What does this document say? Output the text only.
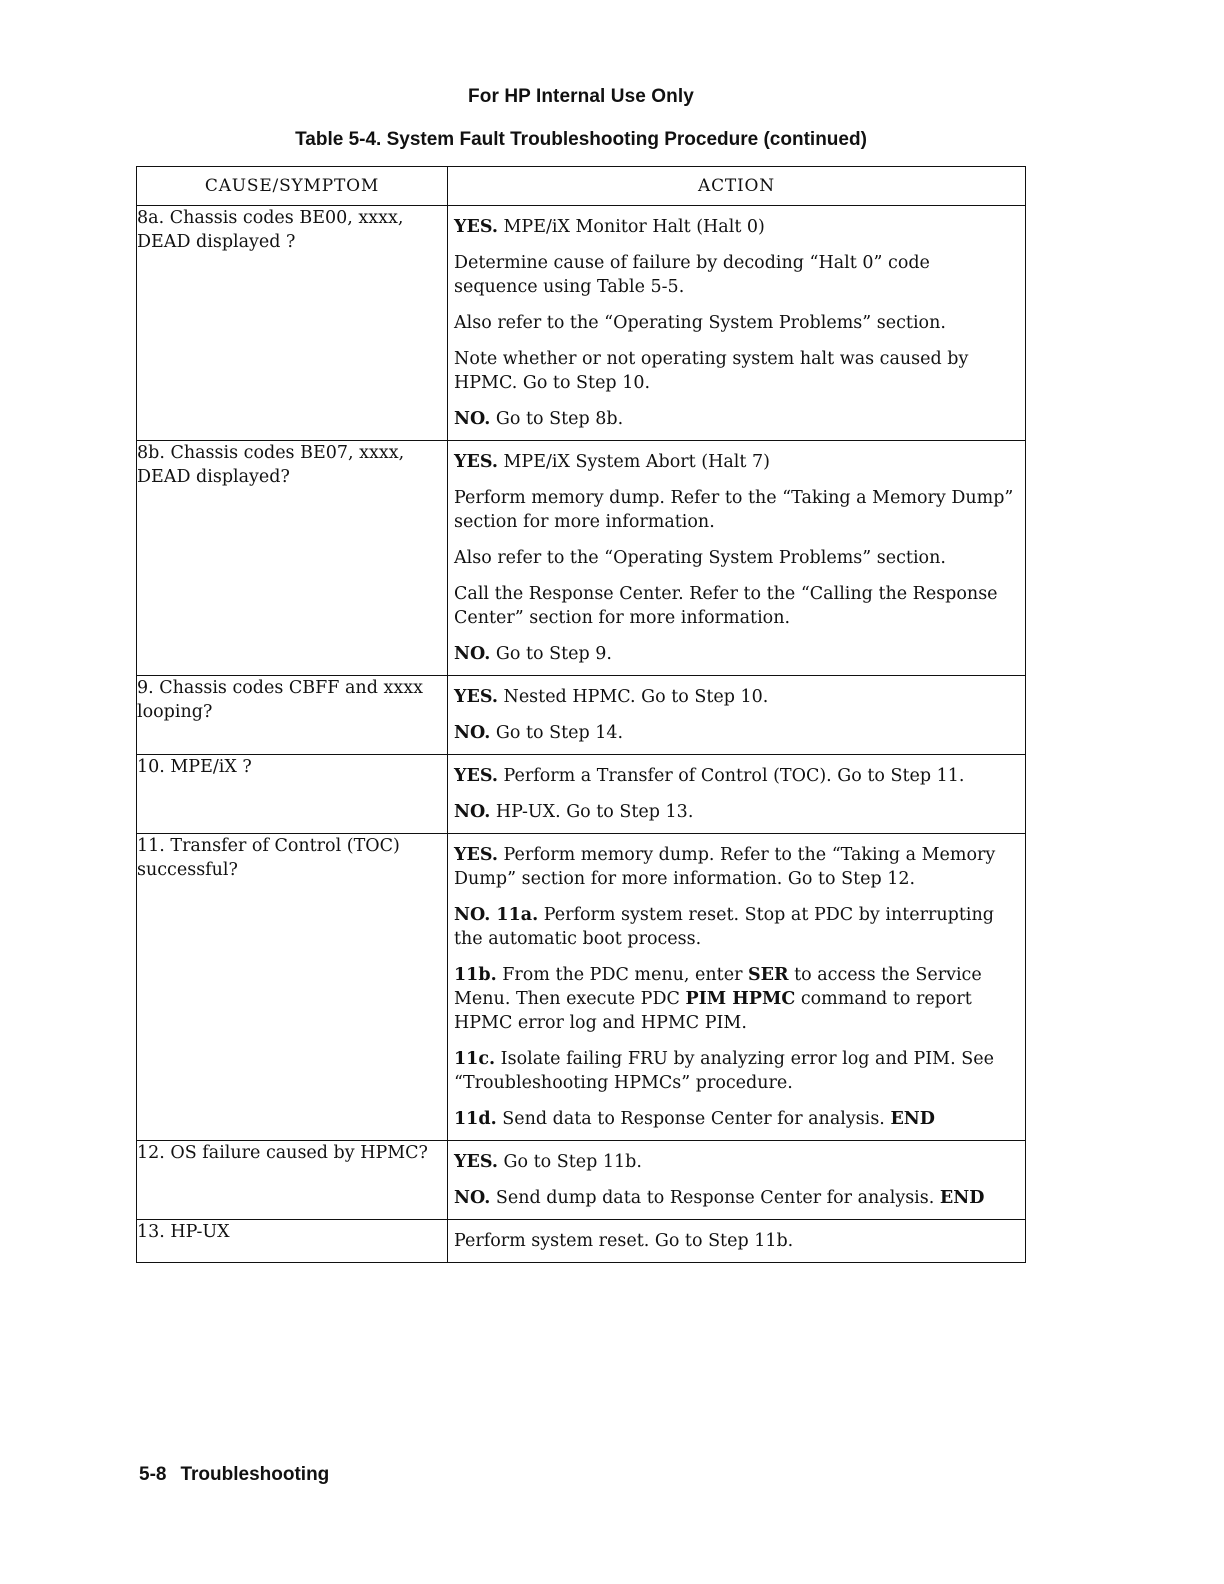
For HP Internal Use Only
Table 5-4. System Fault Troubleshooting Procedure (continued)
CAUSE/SYMPTOM	ACTION
8a. Chassis codes BE00, xxxx, DEAD displayed ?	YES. MPE/iX Monitor Halt (Halt 0)
Determine cause of failure by decoding “Halt 0” code sequence using Table 5-5.
Also refer to the “Operating System Problems” section.
Note whether or not operating system halt was caused by HPMC. Go to Step 10.
NO. Go to Step 8b.

8b. Chassis codes BE07, xxxx, DEAD displayed?	YES. MPE/iX System Abort (Halt 7)
Perform memory dump. Refer to the “Taking a Memory Dump” section for more information.
Also refer to the “Operating System Problems” section.
Call the Response Center. Refer to the “Calling the Response Center” section for more information.
NO. Go to Step 9.

9. Chassis codes CBFF and xxxx looping?	YES. Nested HPMC. Go to Step 10.
NO. Go to Step 14.

10. MPE/iX ?	YES. Perform a Transfer of Control (TOC). Go to Step 11.
NO. HP-UX. Go to Step 13.

11. Transfer of Control (TOC) successful?	YES. Perform memory dump. Refer to the “Taking a Memory Dump” section for more information. Go to Step 12.
NO. 11a. Perform system reset. Stop at PDC by interrupting the automatic boot process.
11b. From the PDC menu, enter SER to access the Service Menu. Then execute PDC PIM HPMC command to report HPMC error log and HPMC PIM.
11c. Isolate failing FRU by analyzing error log and PIM. See “Troubleshooting HPMCs” procedure.
11d. Send data to Response Center for analysis. END

12. OS failure caused by HPMC?	YES. Go to Step 11b.
NO. Send dump data to Response Center for analysis. END

13. HP-UX	Perform system reset. Go to Step 11b.
5-8 Troubleshooting
